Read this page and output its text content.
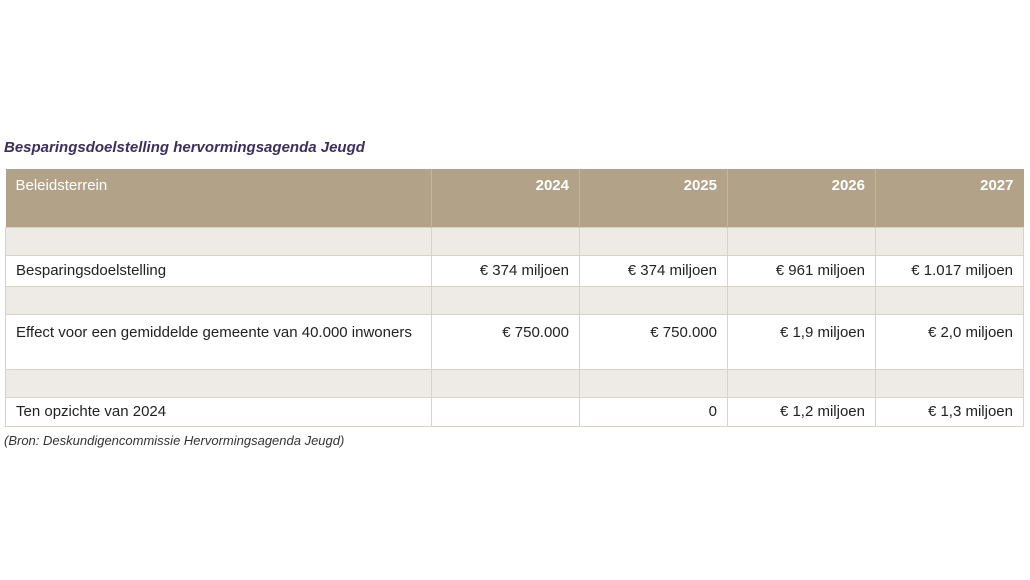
Besparingsdoelstelling hervormingsagenda Jeugd
Beleidsterrein	2024	2025	2026	2027

Besparingsdoelstelling	€ 374 miljoen	€ 374 miljoen	€ 961 miljoen	€ 1.017 miljoen

Effect voor een gemiddelde gemeente van 40.000 inwoners	€ 750.000	€ 750.000	€ 1,9 miljoen	€ 2,0 miljoen

Ten opzichte van 2024		0	€ 1,2 miljoen	€ 1,3 miljoen
(Bron: Deskundigencommissie Hervormingsagenda Jeugd)
